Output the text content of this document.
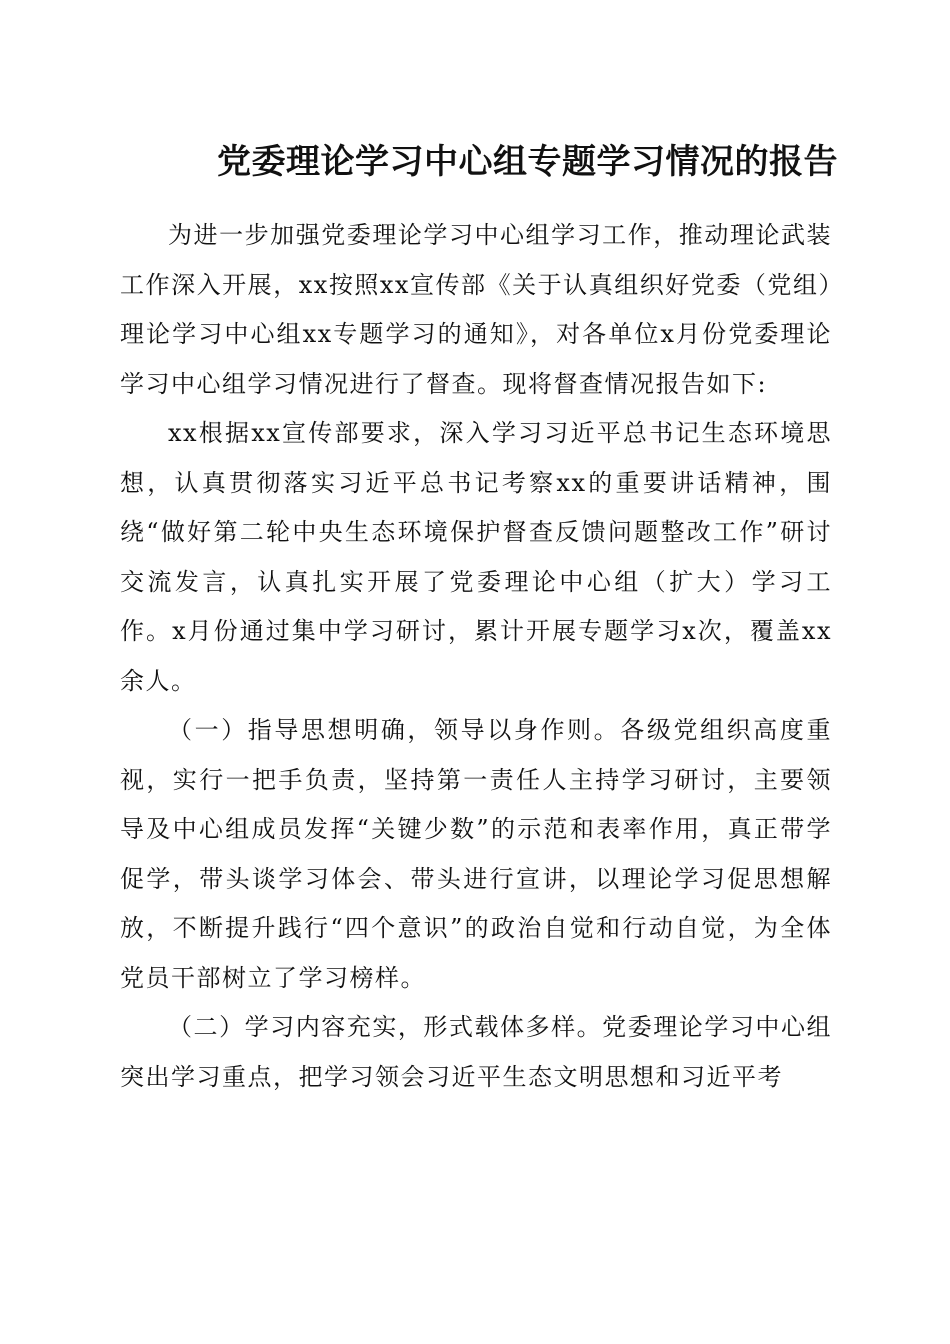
党委理论学习中心组专题学习情况的报告

为进一步加强党委理论学习中心组学习工作，推动理论武装工作深入开展，xx按照xx宣传部《关于认真组织好党委（党组）理论学习中心组xx专题学习的通知》，对各单位x月份党委理论学习中心组学习情况进行了督查。现将督查情况报告如下:

xx根据xx宣传部要求，深入学习习近平总书记生态环境思想，认真贯彻落实习近平总书记考察xx的重要讲话精神，围绕“做好第二轮中央生态环境保护督查反馈问题整改工作”研讨交流发言，认真扎实开展了党委理论中心组（扩大）学习工作。x月份通过集中学习研讨，累计开展专题学习x次，覆盖xx余人。

（一）指导思想明确，领导以身作则。各级党组织高度重视，实行一把手负责，坚持第一责任人主持学习研讨，主要领导及中心组成员发挥“关键少数”的示范和表率作用，真正带学促学，带头谈学习体会、带头进行宣讲，以理论学习促思想解放，不断提升践行“四个意识”的政治自觉和行动自觉，为全体党员干部树立了学习榜样。

（二）学习内容充实，形式载体多样。党委理论学习中心组突出学习重点，把学习领会习近平生态文明思想和习近平考
